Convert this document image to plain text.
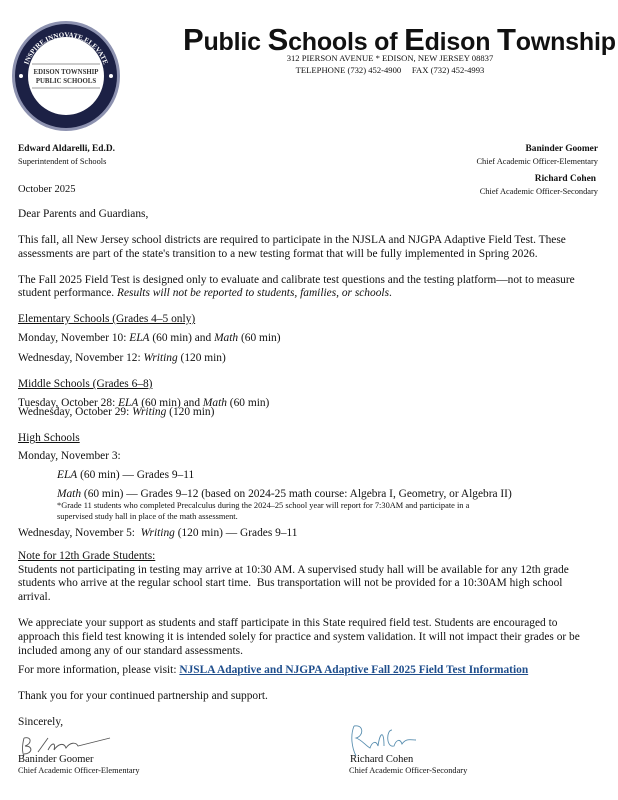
INSPIRE.INNOVATE.ELEVATE
WE.ARE.ONE.EDISON
EDISON TOWNSHIP
PUBLIC SCHOOLS
Public Schools of Edison Township
312 PIERSON AVENUE * EDISON, NEW JERSEY 08837
TELEPHONE (732) 452-4900     FAX (732) 452-4993
Edward Aldarelli, Ed.D.
Superintendent of Schools
Baninder Goomer
Chief Academic Officer-Elementary
Richard Cohen
Chief Academic Officer-Secondary
October 2025
Dear Parents and Guardians,
This fall, all New Jersey school districts are required to participate in the NJSLA and NJGPA Adaptive Field Test. These
assessments are part of the state's transition to a new testing format that will be fully implemented in Spring 2026.
The Fall 2025 Field Test is designed only to evaluate and calibrate test questions and the testing platform—not to measure
student performance. Results will not be reported to students, families, or schools.
Elementary Schools (Grades 4–5 only)
Monday, November 10: ELA (60 min) and Math (60 min)
Wednesday, November 12: Writing (120 min)
Middle Schools (Grades 6–8)
Tuesday, October 28: ELA (60 min) and Math (60 min)
Wednesday, October 29: Writing (120 min)
High Schools
Monday, November 3:
ELA (60 min) — Grades 9–11
Math (60 min) — Grades 9–12 (based on 2024-25 math course: Algebra I, Geometry, or Algebra II)
*Grade 11 students who completed Precalculus during the 2024–25 school year will report for 7:30AM and participate in a
supervised study hall in place of the math assessment.
Wednesday, November 5:  Writing (120 min) — Grades 9–11
Note for 12th Grade Students:
Students not participating in testing may arrive at 10:30 AM. A supervised study hall will be available for any 12th grade
students who arrive at the regular school start time.  Bus transportation will not be provided for a 10:30AM high school
arrival.
We appreciate your support as students and staff participate in this State required field test. Students are encouraged to
approach this field test knowing it is intended solely for practice and system validation. It will not impact their grades or be
included among any of our standard assessments.
For more information, please visit: NJSLA Adaptive and NJGPA Adaptive Fall 2025 Field Test Information
Thank you for your continued partnership and support.
Sincerely,
Baninder Goomer
Chief Academic Officer-Elementary
Richard Cohen
Chief Academic Officer-Secondary
